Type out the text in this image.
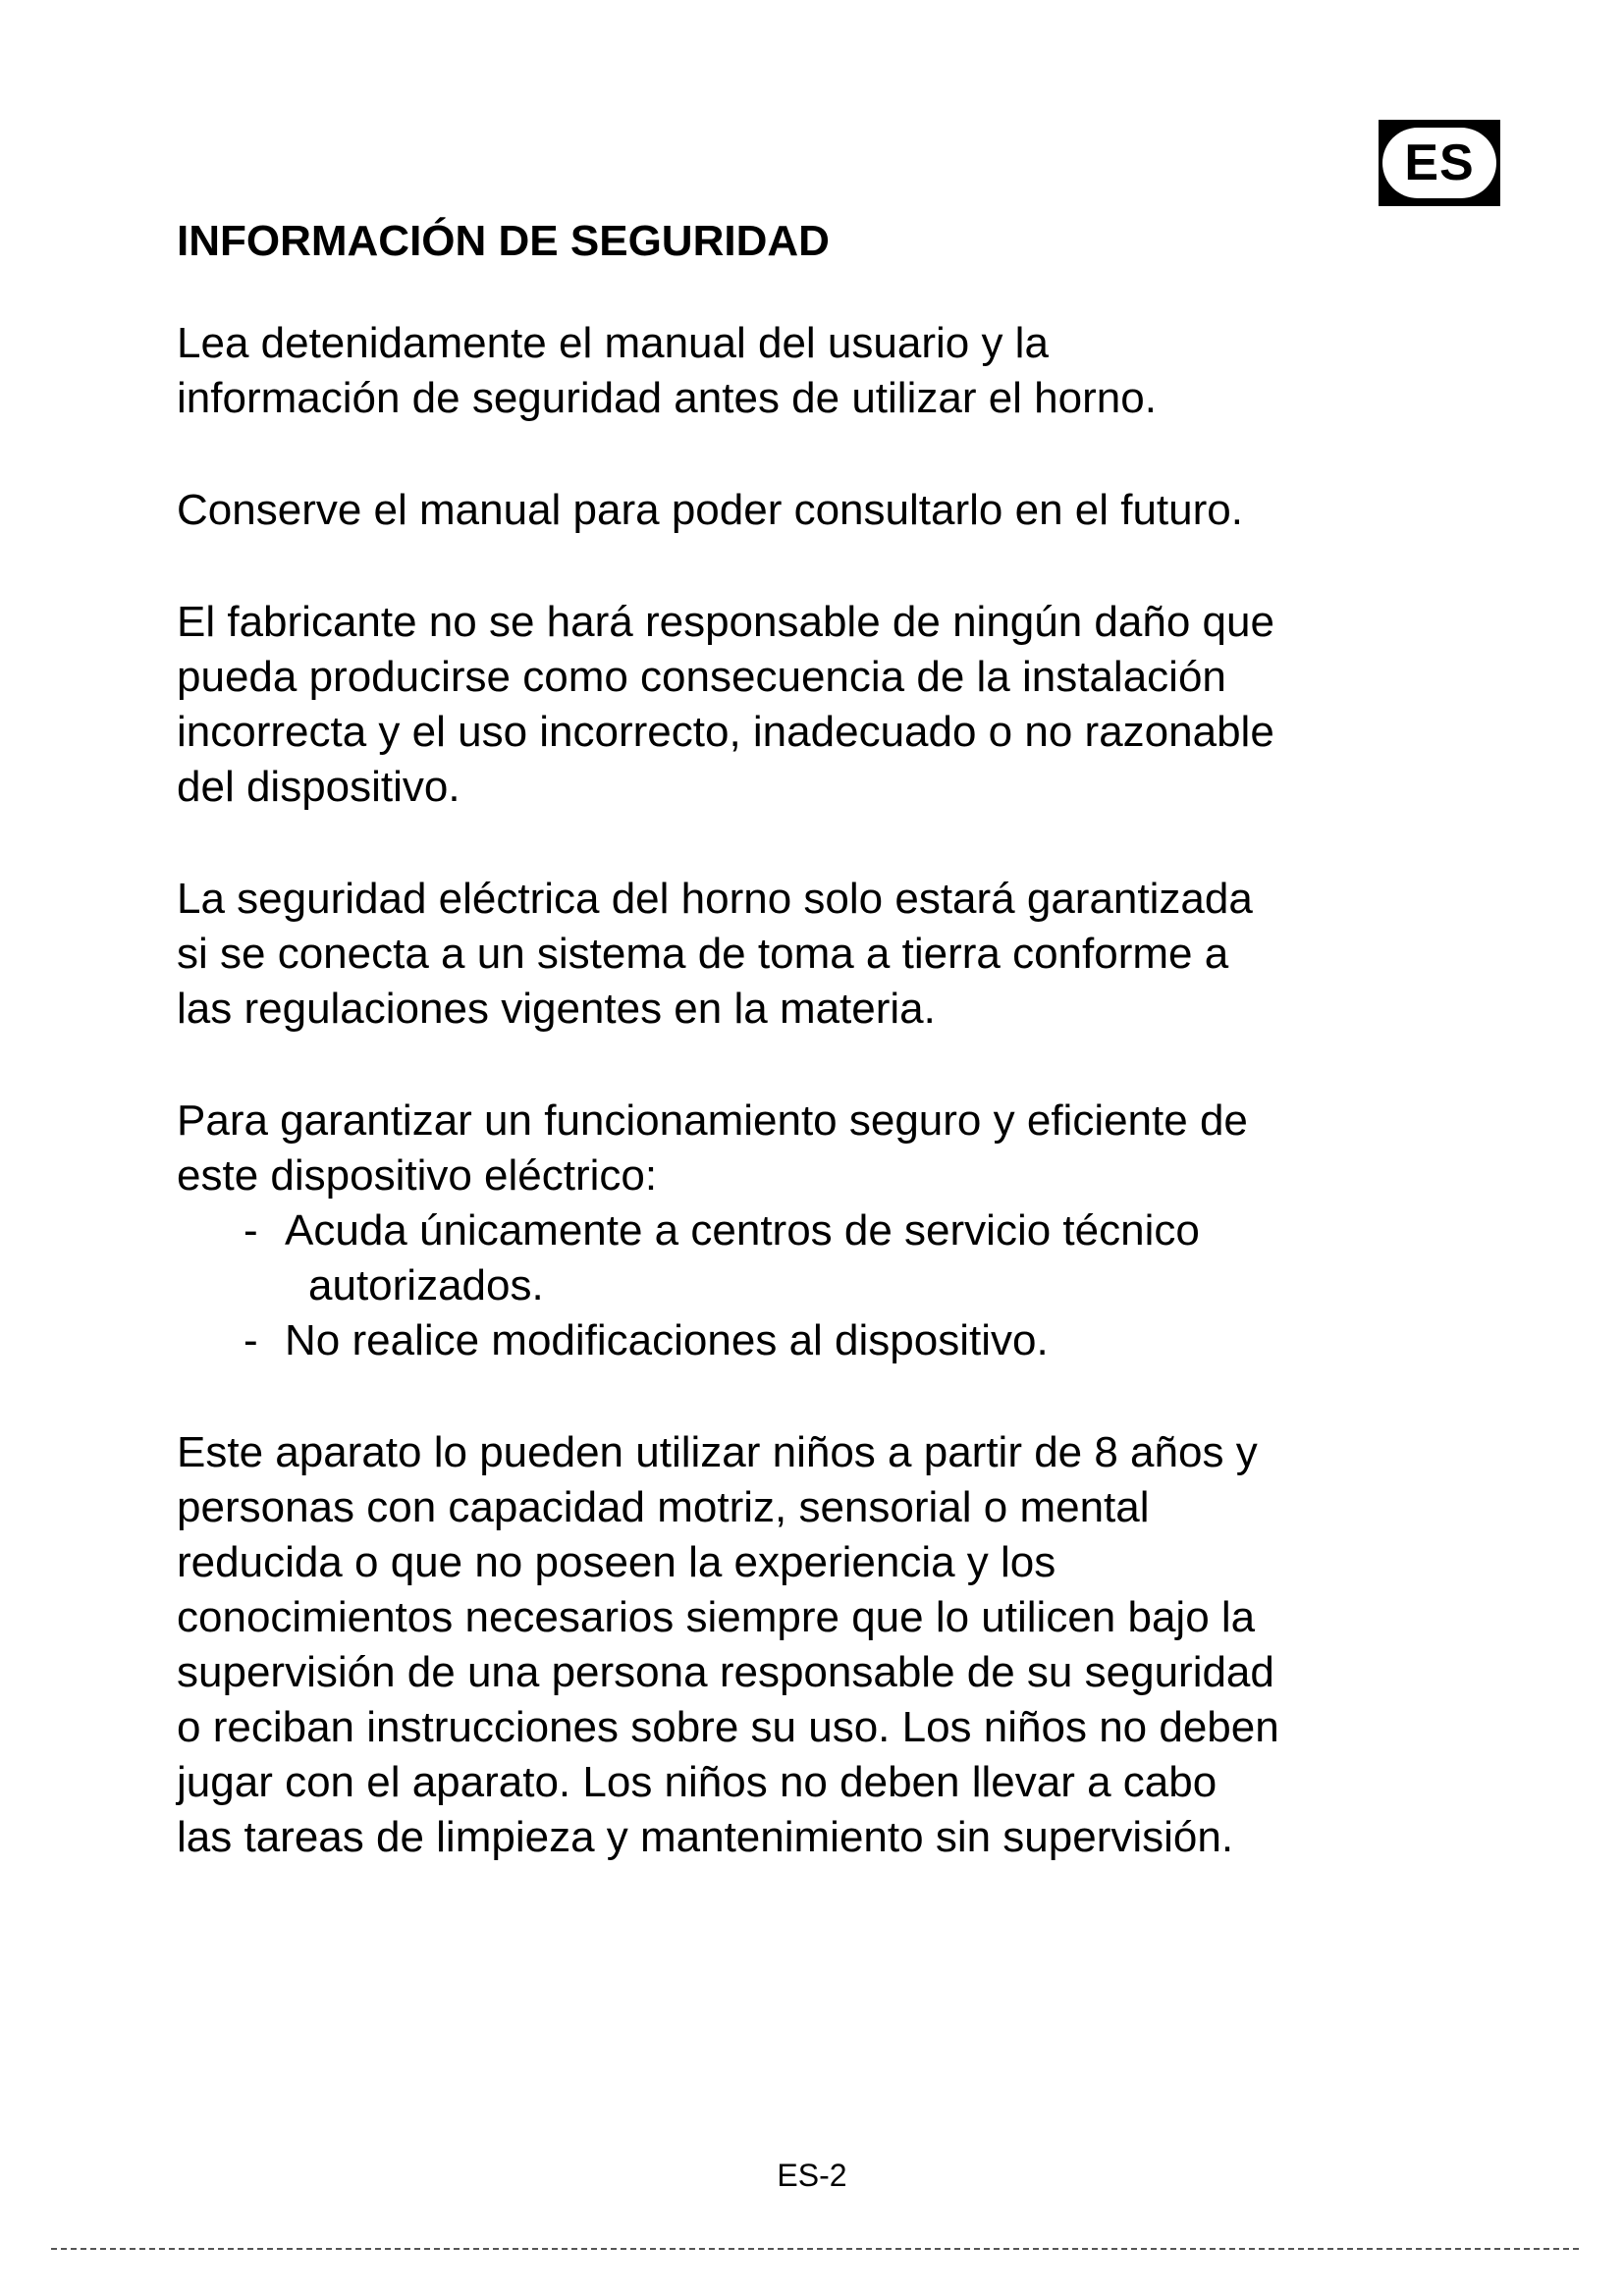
ES
INFORMACIÓN DE SEGURIDAD
Lea detenidamente el manual del usuario y la
información de seguridad antes de utilizar el horno.
Conserve el manual para poder consultarlo en el futuro.
El fabricante no se hará responsable de ningún daño que
pueda producirse como consecuencia de la instalación
incorrecta y el uso incorrecto, inadecuado o no razonable
del dispositivo.
La seguridad eléctrica del horno solo estará garantizada
si se conecta a un sistema de toma a tierra conforme a
las regulaciones vigentes en la materia.
Para garantizar un funcionamiento seguro y eficiente de
este dispositivo eléctrico:
- Acuda únicamente a centros de servicio técnico
autorizados.
- No realice modificaciones al dispositivo.
Este aparato lo pueden utilizar niños a partir de 8 años y
personas con capacidad motriz, sensorial o mental
reducida o que no poseen la experiencia y los
conocimientos necesarios siempre que lo utilicen bajo la
supervisión de una persona responsable de su seguridad
o reciban instrucciones sobre su uso. Los niños no deben
jugar con el aparato. Los niños no deben llevar a cabo
las tareas de limpieza y mantenimiento sin supervisión.
ES-2
